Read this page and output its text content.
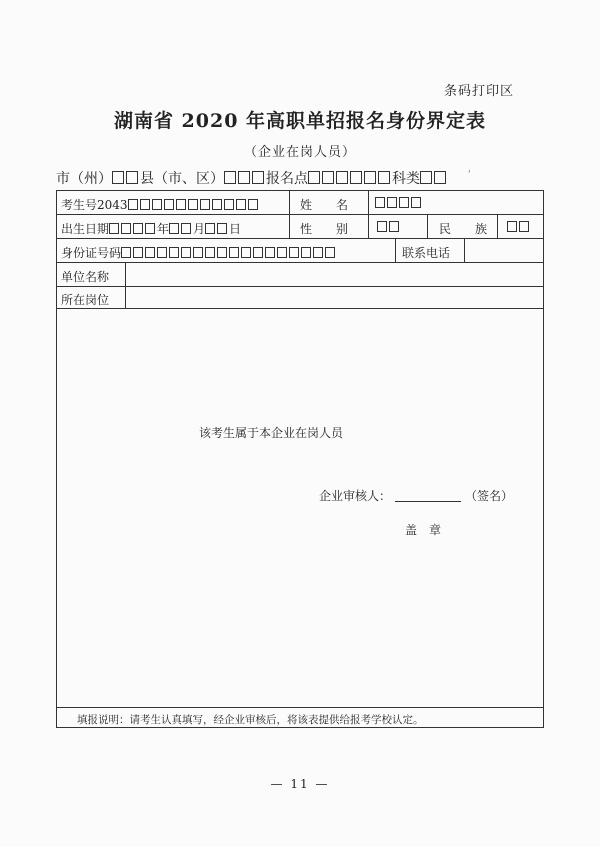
条码打印区
湖南省 2020 年高职单招报名身份界定表
（企业在岗人员）
市（州） 县（市、区）	报名点	科类	'
考生号2043	姓　　名
出生日期	年 月 日	性　　别	民　　族
身份证号码	联系电话
单位名称
所在岗位
该考生属于本企业在岗人员
企业审核人：	（签名）
盖　章
填报说明：请考生认真填写，经企业审核后，将该表提供给报考学校认定。
— 11 —
